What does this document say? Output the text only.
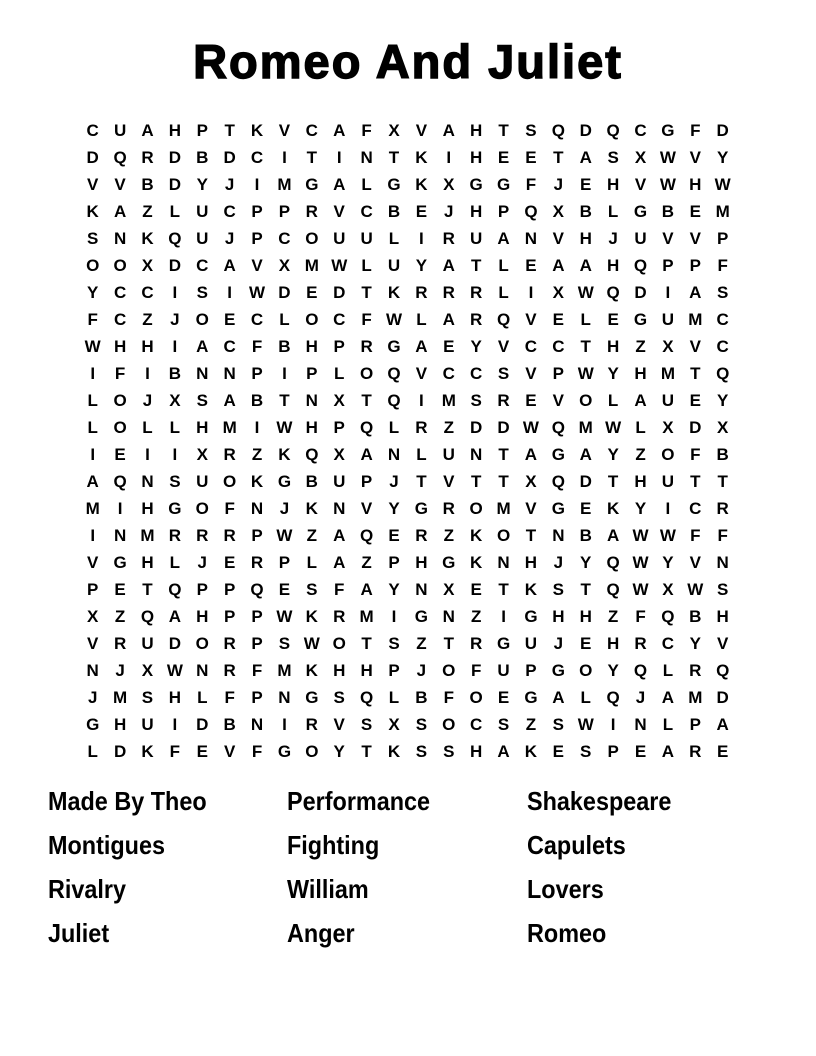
Romeo And Juliet
C U A H P T K V C A F X V A H T S Q D Q C G F D
D Q R D B D C	I	T	I	N T K	I	H E E T A S X W V Y
V V B D Y J	I	M G A L G K X G G F	J E H V W H W
K A Z	L U C P P R V C B E J H P Q X B L G B E M
S N K Q U J P C O U U L	I	R U A N V H J U V V P
O O X D C A V X M W L U Y A T	L E A A H Q P P F
Y C C	I	S	I	W D E D T K R R R L	I	X W Q D	I	A S
F C Z	J O E C L O C F W L A R Q V E L E G U M C
W H H	I	A C F B H P R G A E Y V C C T H Z X V C
I	F	I	B N N P	I	P L O Q V C C S V P W Y H M T Q
L O J X S A B T N X T Q	I	M S R E V O L A U E Y
L O L	L H M	I	W H P Q L R Z D D W Q M W L X D X
I	E	I	I	X R Z K Q X A N L U N T A G A Y Z O F B
A Q N S U O K G B U P J	T V T	T X Q D T H U T	T
M	I	H G O F N J K N V Y G R O M V G E K Y	I	C R
I	N M R R R P W Z A Q E R Z K O T N B A W W F	F
V G H L	J E R P L A Z P H G K N H J Y Q W Y V N
P E T Q P P Q E S F A Y N X E T K S T Q W X W S
X Z Q A H P P W K R M	I	G N Z	I	G H H Z	F Q B H
V R U D O R P S W O T S Z	T R G U J E H R C Y V
N J X W N R F M K H H P J O F U P G O Y Q L R Q
J M S H L	F P N G S Q L B F O E G A L Q J A M D
G H U	I	D B N	I	R V S X S O C S Z S W	I	N L P A
L D K F E V F G O Y T K S S H A K E S P E A R E
Made By Theo
Montigues
Rivalry
Juliet
Performance
Fighting
William
Anger
Shakespeare
Capulets
Lovers
Romeo
